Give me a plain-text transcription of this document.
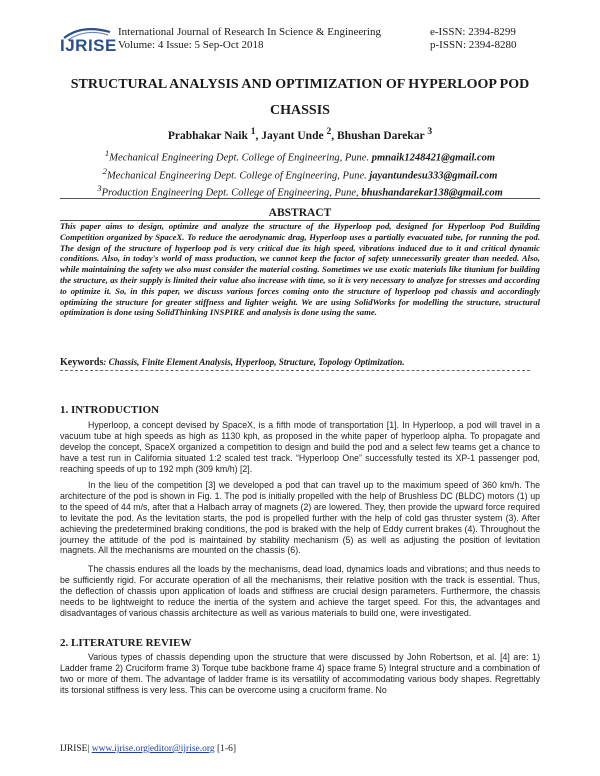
IJRISE
International Journal of Research In Science & Engineering
Volume: 4 Issue: 5 Sep-Oct 2018
e-ISSN: 2394-8299
p-ISSN: 2394-8280
STRUCTURAL ANALYSIS AND OPTIMIZATION OF HYPERLOOP POD
CHASSIS
Prabhakar Naik $^1$, Jayant Unde $^2$, Bhushan Darekar $^3$
$^1$Mechanical Engineering Dept. College of Engineering, Pune. pmnaik1248421@gmail.com
$^2$Mechanical Engineering Dept. College of Engineering, Pune. jayantundesu333@gmail.com
$^3$Production Engineering Dept. College of Engineering, Pune, bhushandarekar138@gmail.com
ABSTRACT
This paper aims to design, optimize and analyze the structure of the Hyperloop pod, designed for Hyperloop Pod Building Competition organized by SpaceX. To reduce the aerodynamic drag, Hyperloop uses a partially evacuated tube, for running the pod. The design of the structure of hyperloop pod is very critical due its high speed, vibrations induced due to it and critical dynamic conditions. Also, in today's world of mass production, we cannot keep the factor of safety unnecessarily greater than needed. Also, while maintaining the safety we also must consider the material costing. Sometimes we use exotic materials like titanium for building the structure, as their supply is limited their value also increase with time, so it is very necessary to analyze for stresses and according to optimize it. So, in this paper, we discuss various forces coming onto the structure of hyperloop pod chassis and accordingly optimizing the structure for greater stiffness and lighter weight. We are using SolidWorks for modelling the structure, structural optimization is done using SolidThinking INSPIRE and analysis is done using the same.
Keywords: Chassis, Finite Element Analysis, Hyperloop, Structure, Topology Optimization.
1. INTRODUCTION
Hyperloop, a concept devised by SpaceX, is a fifth mode of transportation [1]. In Hyperloop, a pod will travel in a vacuum tube at high speeds as high as 1130 kph, as proposed in the white paper of hyperloop alpha. To propagate and develop the concept, SpaceX organized a competition to design and build the pod and a select few teams get a chance to have a test run in California situated 1:2 scaled test track. “Hyperloop One” successfully tested its XP-1 passenger pod, reaching speeds of up to 192 mph (309 km/h) [2].
In the lieu of the competition [3] we developed a pod that can travel up to the maximum speed of 360 km/h. The architecture of the pod is shown in Fig. 1. The pod is initially propelled with the help of Brushless DC (BLDC) motors (1) up to the speed of 44 m/s, after that a Halbach array of magnets (2) are lowered. They, then provide the upward force required to levitate the pod. As the levitation starts, the pod is propelled further with the help of cold gas thruster system (3). After achieving the predetermined braking conditions, the pod is braked with the help of Eddy current brakes (4). Throughout the journey the attitude of the pod is maintained by stability mechanism (5) as well as adjusting the position of levitation magnets. All the mechanisms are mounted on the chassis (6).
The chassis endures all the loads by the mechanisms, dead load, dynamics loads and vibrations; and thus needs to be sufficiently rigid. For accurate operation of all the mechanisms, their relative position with the track is essential. Thus, the deflection of chassis upon application of loads and stiffness are crucial design parameters. Furthermore, the chassis needs to be lightweight to reduce the inertia of the system and achieve the target speed. For this, the advantages and disadvantages of various chassis architecture as well as various materials to build one, were investigated.
2. LITERATURE REVIEW
Various types of chassis depending upon the structure that were discussed by John Robertson, et al. [4] are: 1) Ladder frame 2) Cruciform frame 3) Torque tube backbone frame 4) space frame 5) Integral structure and a combination of two or more of them. The advantage of ladder frame is its versatility of accommodating various body shapes. Regrettably its torsional stiffness is very less. This can be overcome using a cruciform frame. No
IJRISE| www.ijrise.org|editor@ijrise.org [1-6]
